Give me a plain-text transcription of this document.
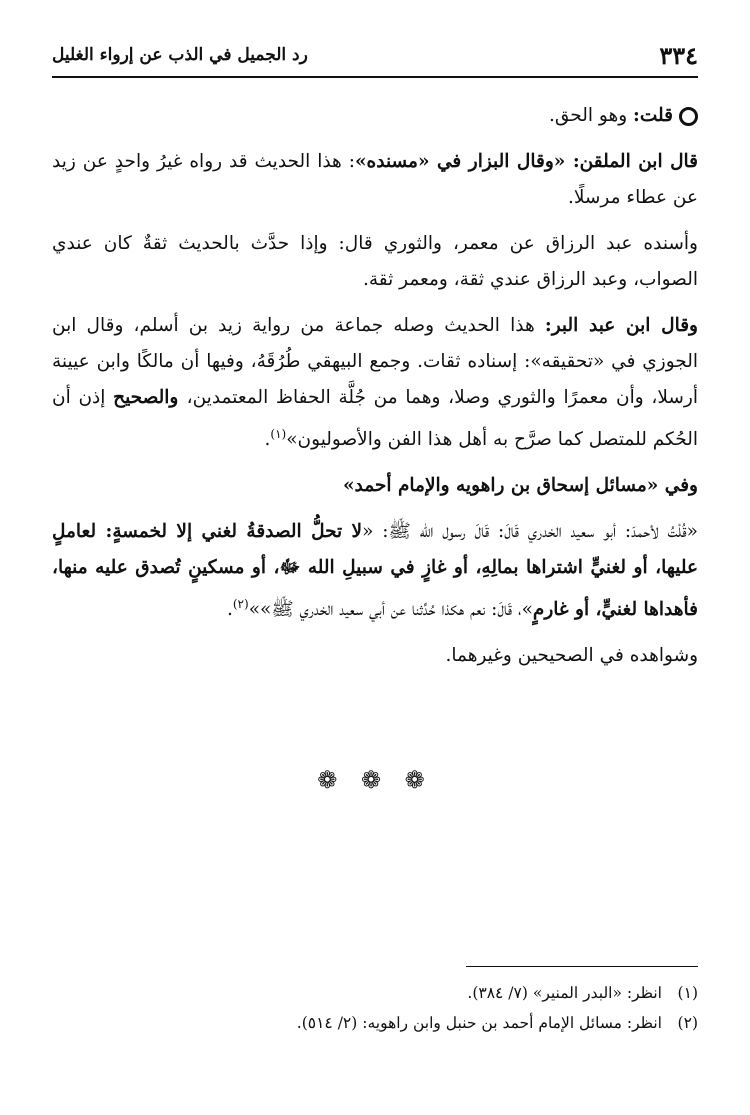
٣٣٤
رد الجميل في الذب عن إرواء الغليل

قلت: وهو الحق.

قال ابن الملقن: «وقال البزار في «مسنده»: هذا الحديث قد رواه غيرُ واحدٍ عن زيد عن عطاء مرسلًا.

وأسنده عبد الرزاق عن معمر، والثوري قال: وإذا حدَّث بالحديث ثقةٌ كان عندي الصواب، وعبد الرزاق عندي ثقة، ومعمر ثقة.

وقال ابن عبد البر: هذا الحديث وصله جماعة من رواية زيد بن أسلم، وقال ابن الجوزي في «تحقيقه»: إسناده ثقات. وجمع البيهقي طُرُقَهُ، وفيها أن مالكًا وابن عيينة أرسلا، وأن معمرًا والثوري وصلا، وهما من جُلَّة الحفاظ المعتمدين، والصحيح إذن أن الحُكم للمتصل كما صرَّح به أهل هذا الفن والأصوليون»$^{(١)}$.

وفي «مسائل إسحاق بن راهويه والإمام أحمد»

«قُلْتُ لأحمدَ: أبو سعيد الخدري قَالَ: قَالَ رسول الله ﷺ: «لا تحلُّ الصدقةُ لغني إلا لخمسةٍ: لعاملٍ عليها، أو لغنيٍّ اشتراها بمالِهِ، أو غازٍ في سبيلِ الله ﷻ، أو مسكينٍ تُصدق عليه منها، فأهداها لغنيٍّ، أو غارمٍ»، قَالَ: نعم هكذا حُدِّثنا عن أبي سعيد الخدري ﷺ»»$^{(٢)}$.

وشواهده في الصحيحين وغيرهما.

❁ ❁ ❁
(١)انظر: «البدر المنير» (٧/ ٣٨٤).
(٢)انظر: مسائل الإمام أحمد بن حنبل وابن راهويه: (٢/ ٥١٤).
